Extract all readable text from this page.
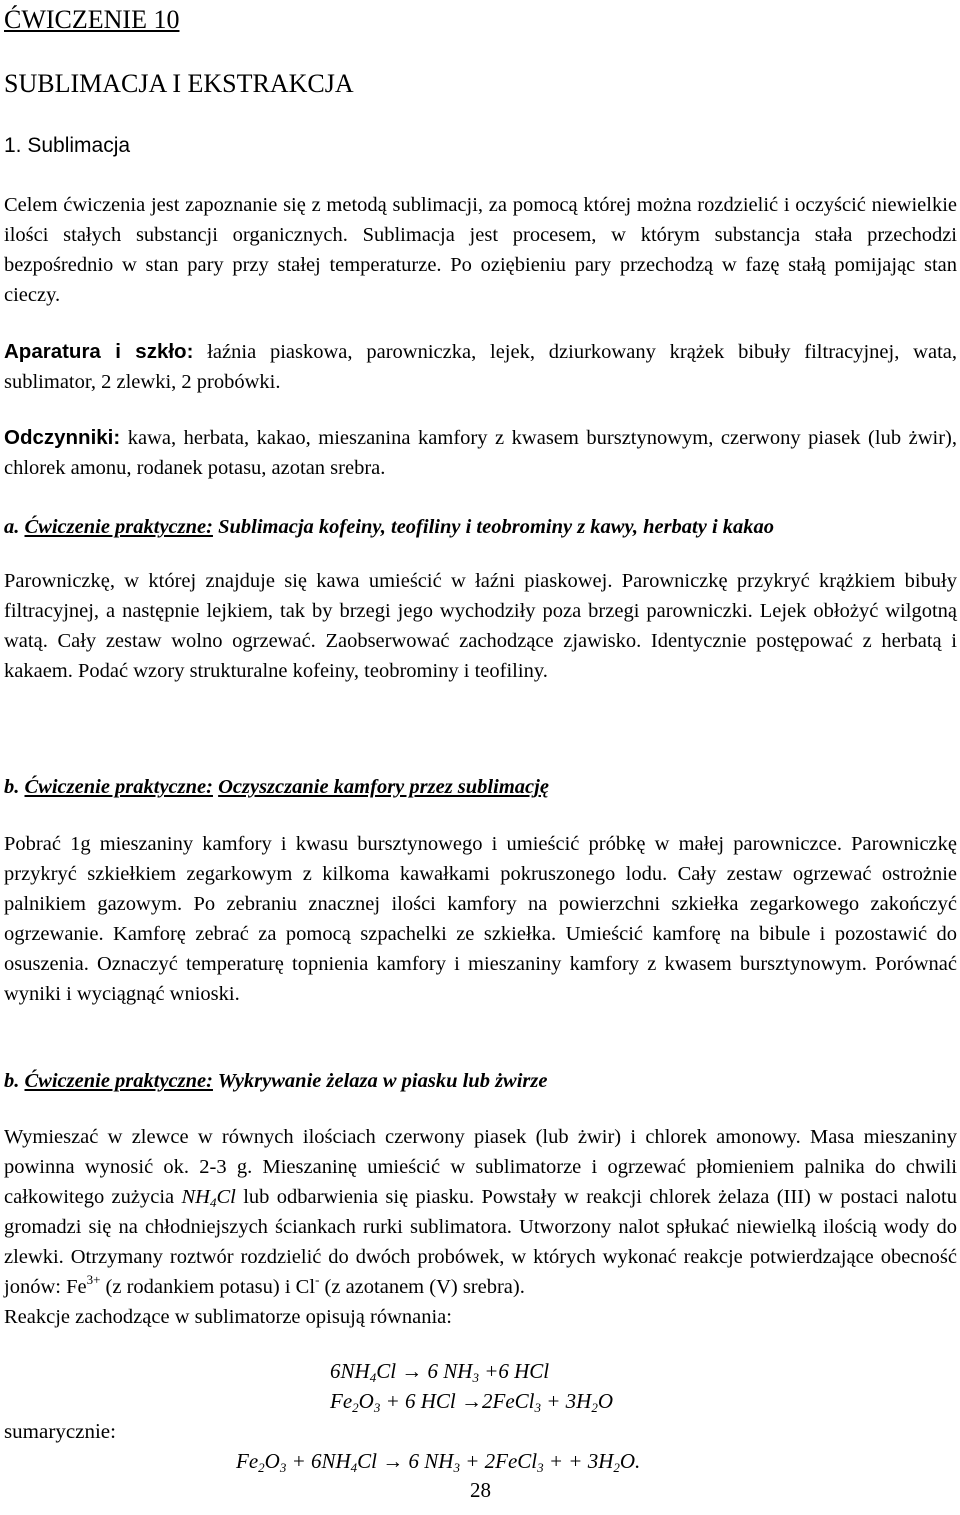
ĆWICZENIE 10
SUBLIMACJA I EKSTRAKCJA
1. Sublimacja

Celem ćwiczenia jest zapoznanie się z metodą sublimacji, za pomocą której można rozdzielić i oczyścić niewielkie ilości stałych substancji organicznych. Sublimacja jest procesem, w którym substancja stała przechodzi bezpośrednio w stan pary przy stałej temperaturze. Po oziębieniu pary przechodzą w fazę stałą pomijając stan cieczy.

Aparatura i szkło: łaźnia piaskowa, parowniczka, lejek, dziurkowany krążek bibuły filtracyjnej, wata, sublimator, 2 zlewki, 2 probówki.

Odczynniki: kawa, herbata, kakao, mieszanina kamfory z kwasem bursztynowym, czerwony piasek (lub żwir), chlorek amonu, rodanek potasu, azotan srebra.

a. Ćwiczenie praktyczne: Sublimacja kofeiny, teofiliny i teobrominy z kawy, herbaty i kakao

Parowniczkę, w której znajduje się kawa umieścić w łaźni piaskowej. Parowniczkę przykryć krążkiem bibuły filtracyjnej, a następnie lejkiem, tak by brzegi jego wychodziły poza brzegi parowniczki. Lejek obłożyć wilgotną watą. Cały zestaw wolno ogrzewać. Zaobserwować zachodzące zjawisko. Identycznie postępować z herbatą i kakaem. Podać wzory strukturalne kofeiny, teobrominy i teofiliny.

b. Ćwiczenie praktyczne: Oczyszczanie kamfory przez sublimację

Pobrać 1g mieszaniny kamfory i kwasu bursztynowego i umieścić próbkę w małej parowniczce. Parowniczkę przykryć szkiełkiem zegarkowym z kilkoma kawałkami pokruszonego lodu. Cały zestaw ogrzewać ostrożnie palnikiem gazowym. Po zebraniu znacznej ilości kamfory na powierzchni szkiełka zegarkowego zakończyć ogrzewanie. Kamforę zebrać za pomocą szpachelki ze szkiełka. Umieścić kamforę na bibule i pozostawić do osuszenia. Oznaczyć temperaturę topnienia kamfory i mieszaniny kamfory z kwasem bursztynowym. Porównać wyniki i wyciągnąć wnioski.

b. Ćwiczenie praktyczne: Wykrywanie żelaza w piasku lub żwirze

Wymieszać w zlewce w równych ilościach czerwony piasek (lub żwir) i chlorek amonowy. Masa mieszaniny powinna wynosić ok. 2-3 g. Mieszaninę umieścić w sublimatorze i ogrzewać płomieniem palnika do chwili całkowitego zużycia $NH_4Cl$ lub odbarwienia się piasku. Powstały w reakcji chlorek żelaza (III) w postaci nalotu gromadzi się na chłodniejszych ściankach rurki sublimatora. Utworzony nalot spłukać niewielką ilością wody do zlewki. Otrzymany roztwór rozdzielić do dwóch probówek, w których wykonać reakcje potwierdzające obecność jonów: $Fe^{3+}$ (z rodankiem potasu) i Cl- (z azotanem (V) srebra).
Reakcje zachodzące w sublimatorze opisują równania:

$6NH_4Cl \to 6$ $NH_3 +6$ HCl
$Fe_2O_3 + 6$ HCl →2FeCl$_3$ + $3H_2O$
sumarycznie:
$Fe_2O_3 + 6NH_4Cl \to 6$ $NH_3$ + 2FeCl$_3$ + + $3H_2O$.
28
